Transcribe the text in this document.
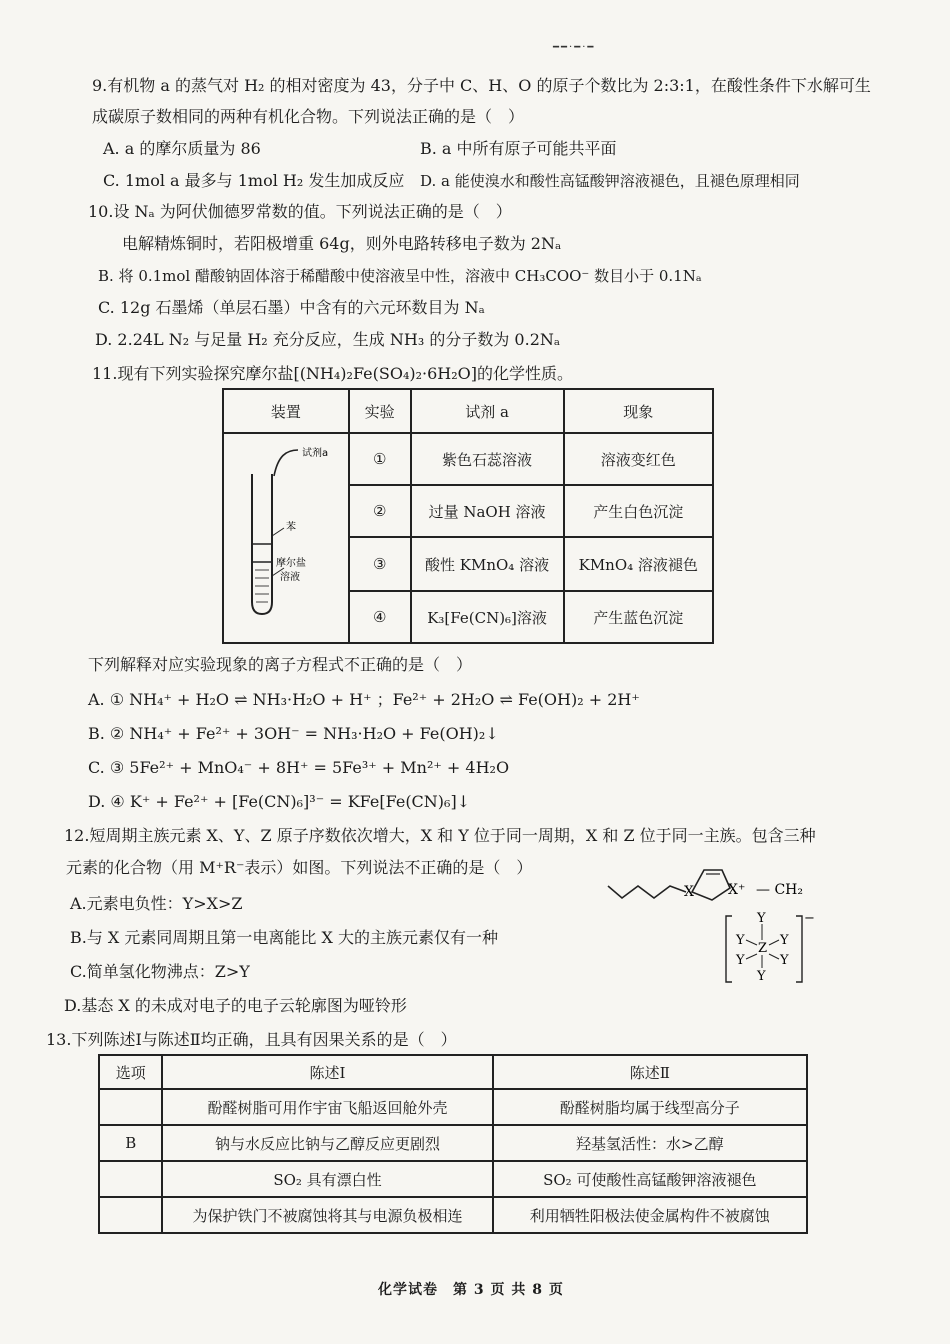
━━·━·━
9.有机物 a 的蒸气对 H₂ 的相对密度为 43，分子中 C、H、O 的原子个数比为 2:3:1，在酸性条件下水解可生
成碳原子数相同的两种有机化合物。下列说法正确的是（　）
A. a 的摩尔质量为 86	B. a 中所有原子可能共平面
C. 1mol a 最多与 1mol H₂ 发生加成反应 D. a 能使溴水和酸性高锰酸钾溶液褪色，且褪色原理相同
10.设 Nₐ 为阿伏伽德罗常数的值。下列说法正确的是（　）
电解精炼铜时，若阳极增重 64g，则外电路转移电子数为 2Nₐ
B. 将 0.1mol 醋酸钠固体溶于稀醋酸中使溶液呈中性，溶液中 CH₃COO⁻ 数目小于 0.1Nₐ
C. 12g 石墨烯（单层石墨）中含有的六元环数目为 Nₐ
D. 2.24L N₂ 与足量 H₂ 充分反应，生成 NH₃ 的分子数为 0.2Nₐ
11.现有下列实验探究摩尔盐[(NH₄)₂Fe(SO₄)₂·6H₂O]的化学性质。
装置	实验	试剂 a	现象

试剂a
苯
摩尔盐
溶液	①	紫色石蕊溶液	溶液变红色
	②	过量 NaOH 溶液	产生白色沉淀
	③	酸性 KMnO₄ 溶液	KMnO₄ 溶液褪色
	④	K₃[Fe(CN)₆]溶液	产生蓝色沉淀
下列解释对应实验现象的离子方程式不正确的是（　）
A. ① NH₄⁺ + H₂O ⇌ NH₃·H₂O + H⁺ ；Fe²⁺ + 2H₂O ⇌ Fe(OH)₂ + 2H⁺
B. ② NH₄⁺ + Fe²⁺ + 3OH⁻ = NH₃·H₂O + Fe(OH)₂↓
C. ③ 5Fe²⁺ + MnO₄⁻ + 8H⁺ = 5Fe³⁺ + Mn²⁺ + 4H₂O
D. ④ K⁺ + Fe²⁺ + [Fe(CN)₆]³⁻ = KFe[Fe(CN)₆]↓
12.短周期主族元素 X、Y、Z 原子序数依次增大，X 和 Y 位于同一周期，X 和 Z 位于同一主族。包含三种
元素的化合物（用 M⁺R⁻表示）如图。下列说法不正确的是（　）
A.元素电负性：Y>X>Z
B.与 X 元素同周期且第一电离能比 X 大的主族元素仅有一种
C.简单氢化物沸点：Z>Y
D.基态 X 的未成对电子的电子云轮廓图为哑铃形
X X⁺ — CH₂
−
Y
Y	Y
Z
Y	Y
Y
13.下列陈述Ⅰ与陈述Ⅱ均正确，且具有因果关系的是（　）
选项	陈述Ⅰ	陈述Ⅱ
	酚醛树脂可用作宇宙飞船返回舱外壳	酚醛树脂均属于线型高分子
B	钠与水反应比钠与乙醇反应更剧烈	羟基氢活性：水>乙醇
	SO₂ 具有漂白性	SO₂ 可使酸性高锰酸钾溶液褪色
	为保护铁门不被腐蚀将其与电源负极相连	利用牺牲阳极法使金属构件不被腐蚀
化学试卷　第 3 页 共 8 页
